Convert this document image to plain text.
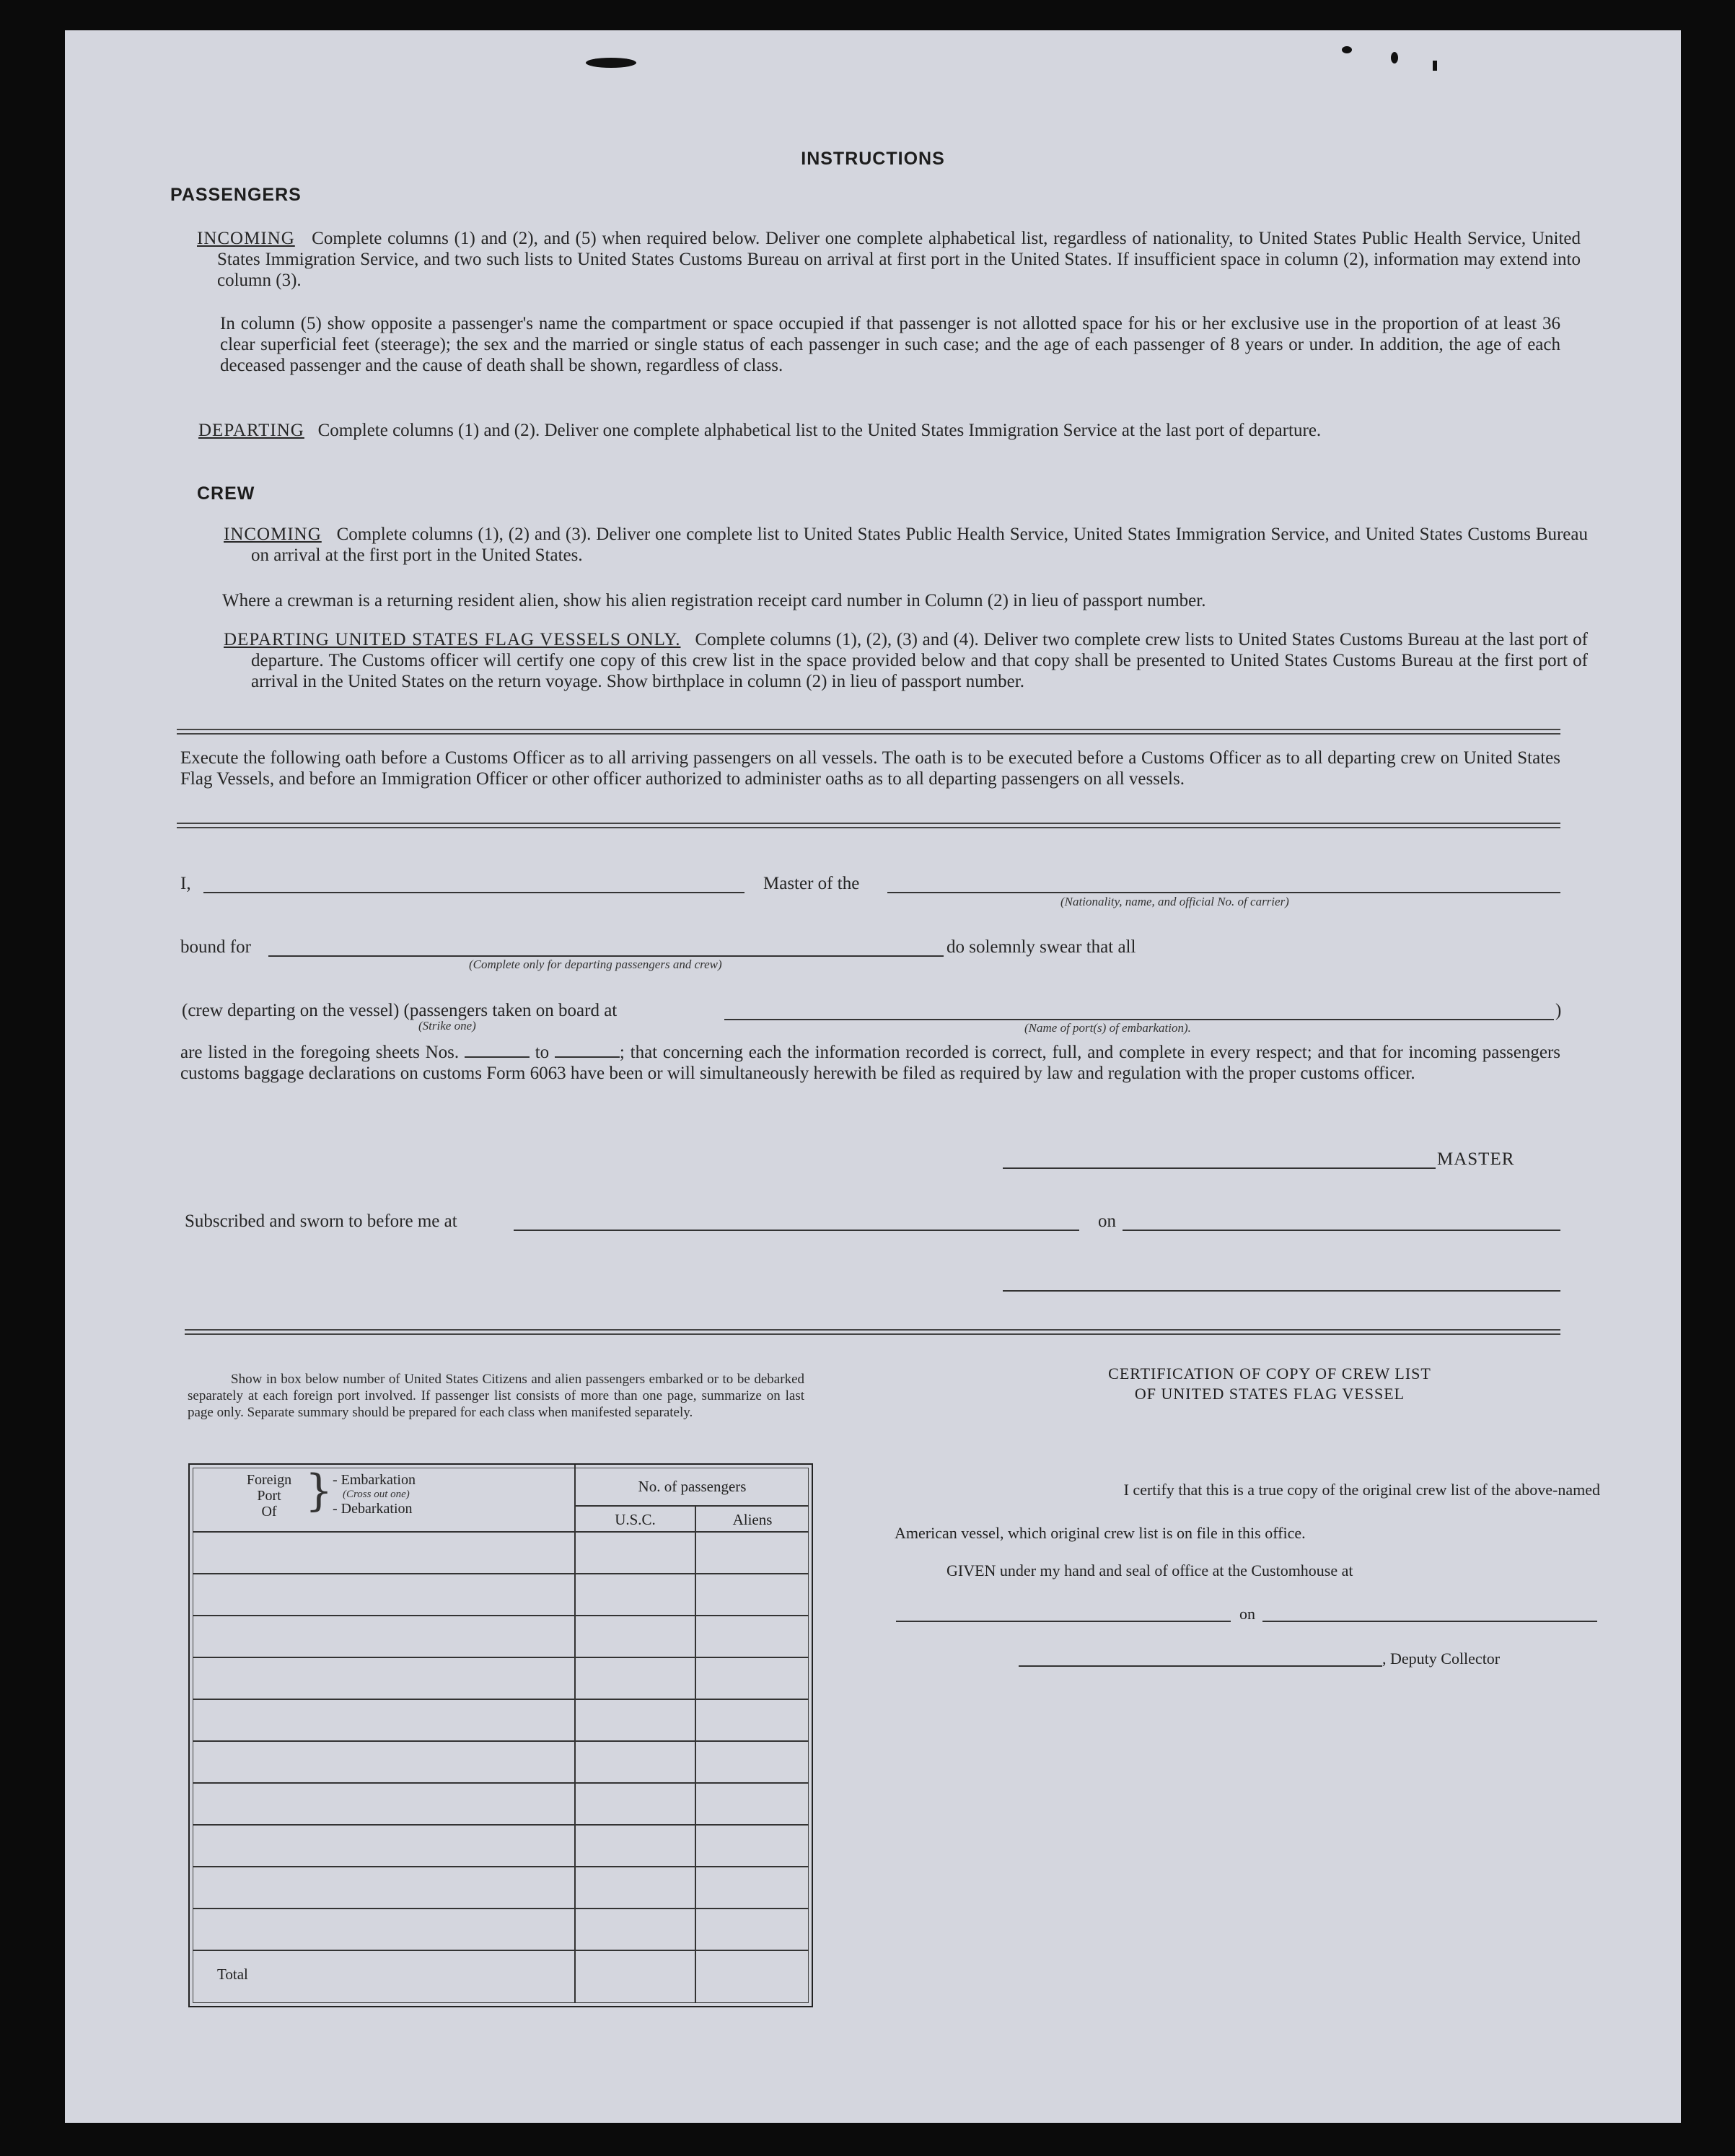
INSTRUCTIONS
PASSENGERS
INCOMING Complete columns (1) and (2), and (5) when required below. Deliver one complete alphabetical list, regardless of nationality, to United States Public Health Service, United States Immigration Service, and two such lists to United States Customs Bureau on arrival at first port in the United States. If insufficient space in column (2), information may extend into column (3).
In column (5) show opposite a passenger's name the compartment or space occupied if that passenger is not allotted space for his or her exclusive use in the proportion of at least 36 clear superficial feet (steerage); the sex and the married or single status of each passenger in such case; and the age of each passenger of 8 years or under. In addition, the age of each deceased passenger and the cause of death shall be shown, regardless of class.
DEPARTING Complete columns (1) and (2). Deliver one complete alphabetical list to the United States Immigration Service at the last port of departure.
CREW
INCOMING Complete columns (1), (2) and (3). Deliver one complete list to United States Public Health Service, United States Immigration Service, and United States Customs Bureau on arrival at the first port in the United States.
Where a crewman is a returning resident alien, show his alien registration receipt card number in Column (2) in lieu of passport number.
DEPARTING UNITED STATES FLAG VESSELS ONLY. Complete columns (1), (2), (3) and (4). Deliver two complete crew lists to United States Customs Bureau at the last port of departure. The Customs officer will certify one copy of this crew list in the space provided below and that copy shall be presented to United States Customs Bureau at the first port of arrival in the United States on the return voyage. Show birthplace in column (2) in lieu of passport number.
Execute the following oath before a Customs Officer as to all arriving passengers on all vessels. The oath is to be executed before a Customs Officer as to all departing crew on United States Flag Vessels, and before an Immigration Officer or other officer authorized to administer oaths as to all departing passengers on all vessels.
I,	Master of the
(Nationality, name, and official No. of carrier)
bound for
(Complete only for departing passengers and crew)
do solemnly swear that all
(crew departing on the vessel) (passengers taken on board at
(Strike one)	(Name of port(s) of embarkation).
)
are listed in the foregoing sheets Nos.	to	; that concerning each the information recorded is correct, full, and complete in every respect; and that for incoming passengers customs baggage declarations on customs Form 6063 have been or will simultaneously herewith be filed as required by law and regulation with the proper customs officer.
MASTER
Subscribed and sworn to before me at	on
Show in box below number of United States Citizens and alien passengers embarked or to be debarked separately at each foreign port involved. If passenger list consists of more than one page, summarize on last page only. Separate summary should be prepared for each class when manifested separately.
Foreign
Port
Of } - Embarkation
(Cross out one)
- Debarkation
No. of passengers
U.S.C.	Aliens
Total
CERTIFICATION OF COPY OF CREW LIST
OF UNITED STATES FLAG VESSEL
I certify that this is a true copy of the original crew list of the above-named
American vessel, which original crew list is on file in this office.
GIVEN under my hand and seal of office at the Customhouse at
on
, Deputy Collector
